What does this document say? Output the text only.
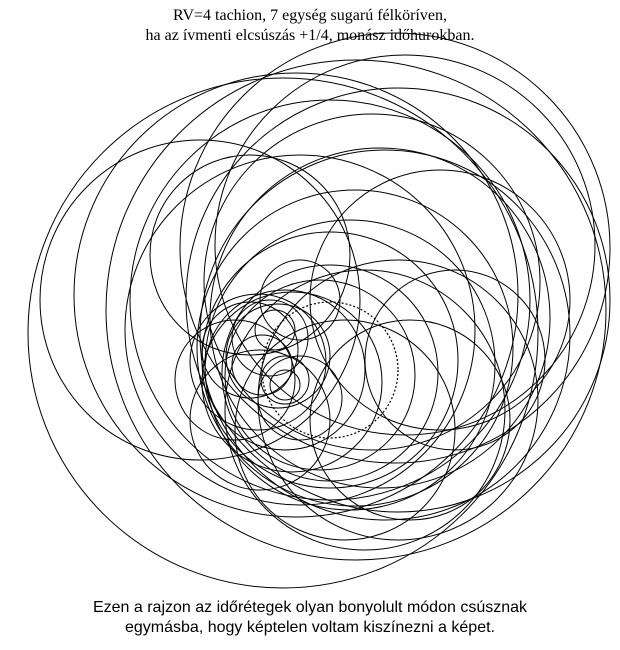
RV=4 tachion, 7 egység sugarú félköríven,
ha az ívmenti elcsúszás +1/4, monász időhurokban.
Ezen a rajzon az időrétegek olyan bonyolult módon csúsznak
egymásba, hogy képtelen voltam kiszínezni a képet.
